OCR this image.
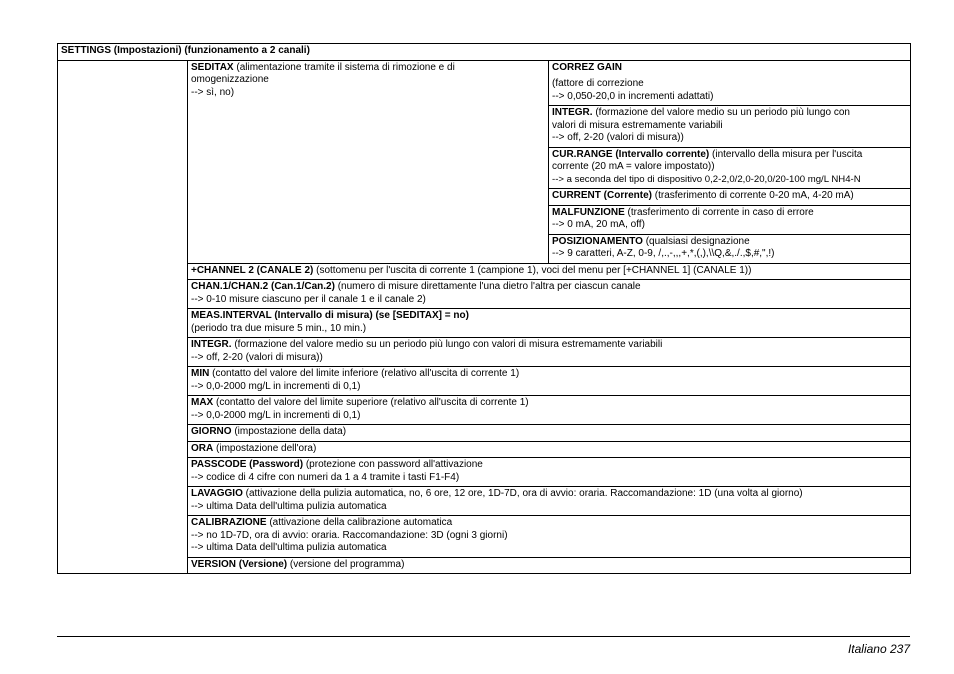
SETTINGS (Impostazioni) (funzionamento a 2 canali)
	SEDITAX (alimentazione tramite il sistema di rimozione e di
omogenizzazione
--> sì, no)
	CORREZ GAIN
(fattore di correzione
--> 0,050-20,0 in incrementi adattati)

INTEGR. (formazione del valore medio su un periodo più lungo con
valori di misura estremamente variabili
--> off, 2-20 (valori di misura))

CUR.RANGE (Intervallo corrente) (intervallo della misura per l'uscita
corrente (20 mA = valore impostato))
--> a seconda del tipo di dispositivo 0,2-2,0/2,0-20,0/20-100 mg/L NH4-N

CURRENT (Corrente) (trasferimento di corrente 0-20 mA, 4-20 mA)
MALFUNZIONE (trasferimento di corrente in caso di errore
--> 0 mA, 20 mA, off)

POSIZIONAMENTO (qualsiasi designazione
--> 9 caratteri, A-Z, 0-9, /,.,-,,,+,*,(,),\\Q,&,./.,$,#,",!)

+CHANNEL 2 (CANALE 2) (sottomenu per l'uscita di corrente 1 (campione 1), voci del menu per [+CHANNEL 1] (CANALE 1))
CHAN.1/CHAN.2 (Can.1/Can.2) (numero di misure direttamente l'una dietro l'altra per ciascun canale
--> 0-10 misure ciascuno per il canale 1 e il canale 2)

MEAS.INTERVAL (Intervallo di misura) (se [SEDITAX] = no)
(periodo tra due misure 5 min., 10 min.)

INTEGR. (formazione del valore medio su un periodo più lungo con valori di misura estremamente variabili
--> off, 2-20 (valori di misura))

MIN (contatto del valore del limite inferiore (relativo all'uscita di corrente 1)
--> 0,0-2000 mg/L in incrementi di 0,1)

MAX (contatto del valore del limite superiore (relativo all'uscita di corrente 1)
--> 0,0-2000 mg/L in incrementi di 0,1)

GIORNO (impostazione della data)
ORA (impostazione dell'ora)
PASSCODE (Password) (protezione con password all'attivazione
--> codice di 4 cifre con numeri da 1 a 4 tramite i tasti F1-F4)

LAVAGGIO (attivazione della pulizia automatica, no, 6 ore, 12 ore, 1D-7D, ora di avvio: oraria. Raccomandazione: 1D (una volta al giorno)
--> ultima Data dell'ultima pulizia automatica

CALIBRAZIONE (attivazione della calibrazione automatica
--> no 1D-7D, ora di avvio: oraria. Raccomandazione: 3D (ogni 3 giorni)
--> ultima Data dell'ultima pulizia automatica

VERSION (Versione) (versione del programma)
Italiano 237
